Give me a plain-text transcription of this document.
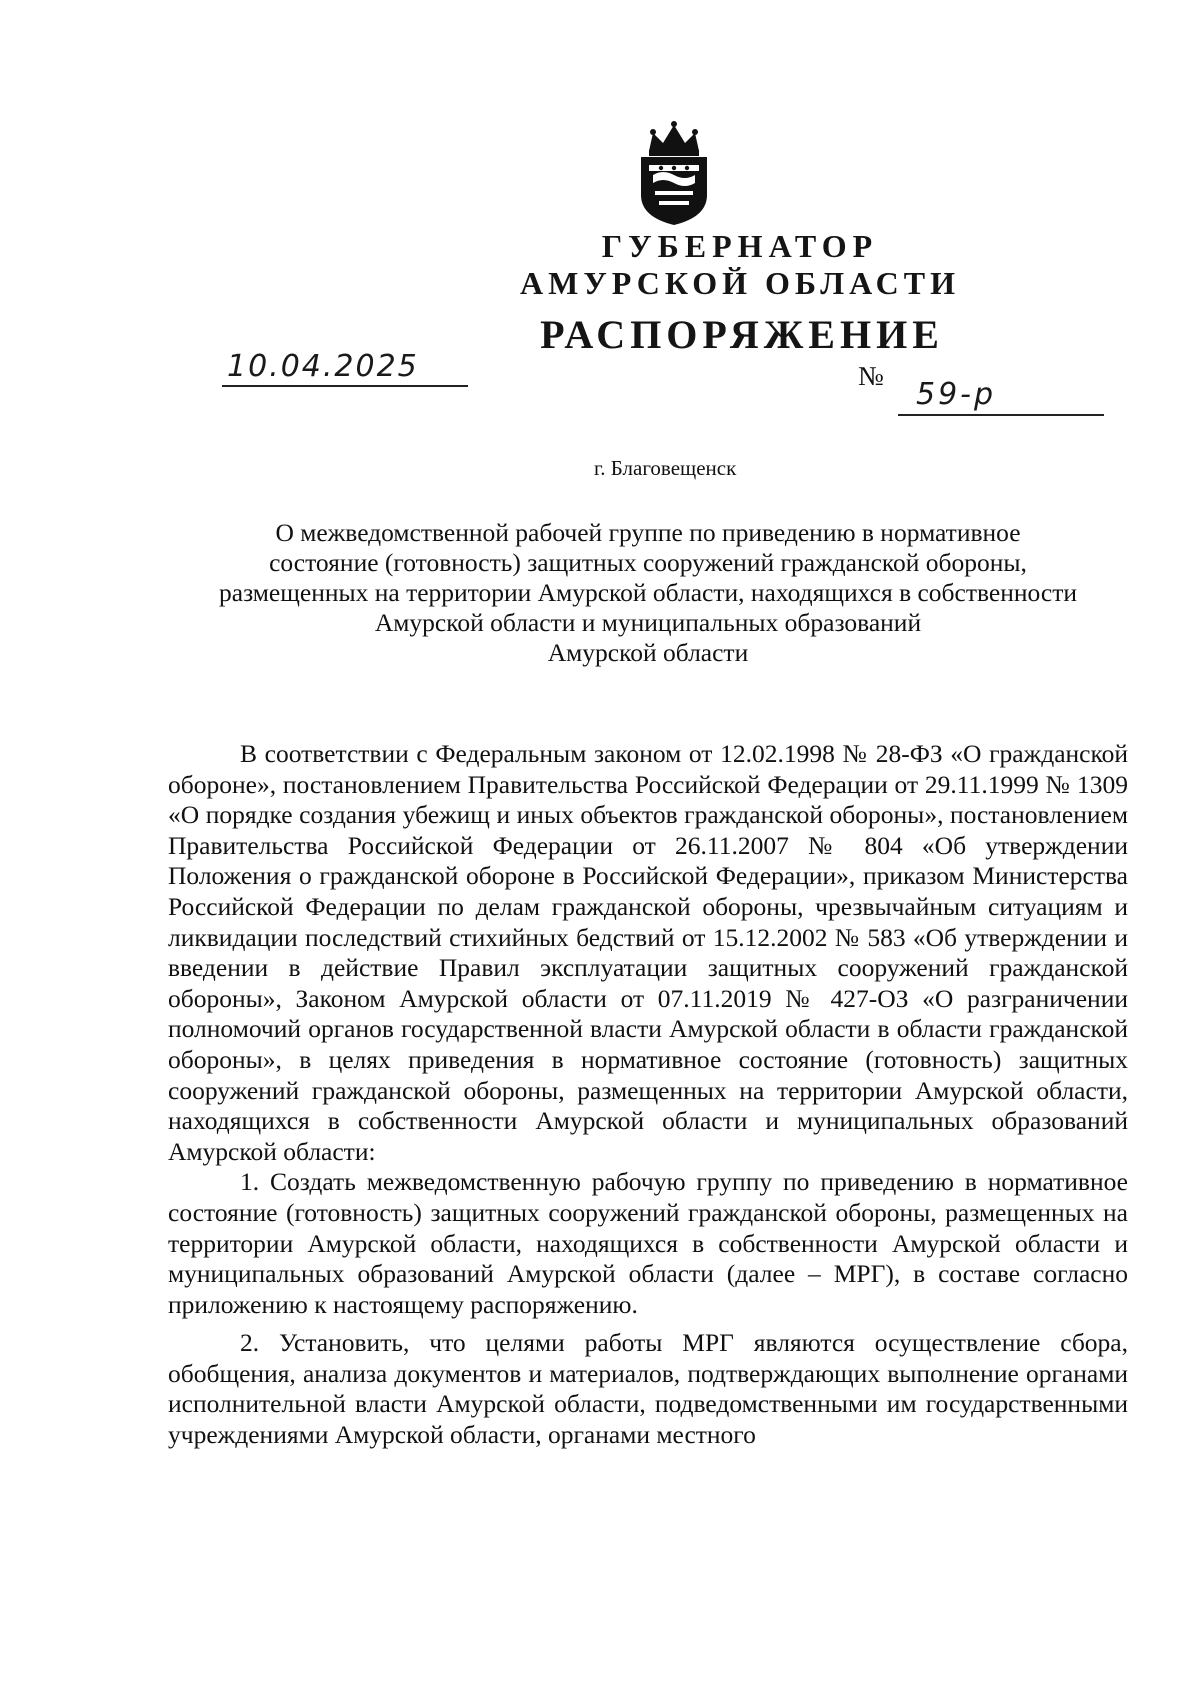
ГУБЕРНАТОР
АМУРСКОЙ ОБЛАСТИ
РАСПОРЯЖЕНИЕ
10.04.2025	№
59-р
г. Благовещенск
О межведомственной рабочей группе по приведению в нормативное
состояние (готовность) защитных сооружений гражданской обороны,
размещенных на территории Амурской области, находящихся в собственности
Амурской области и муниципальных образований
Амурской области

В соответствии с Федеральным законом от 12.02.1998 № 28-ФЗ «О гражданской обороне», постановлением Правительства Российской Федерации от 29.11.1999 № 1309 «О порядке создания убежищ и иных объектов гражданской обороны», постановлением Правительства Российской Федерации от 26.11.2007 № 804 «Об утверждении Положения о гражданской обороне в Российской Федерации», приказом Министерства Российской Федерации по делам гражданской обороны, чрезвычайным ситуациям и ликвидации последствий стихийных бедствий от 15.12.2002 № 583 «Об утверждении и введении в действие Правил эксплуатации защитных сооружений гражданской обороны», Законом Амурской области от 07.11.2019 № 427-ОЗ «О разграничении полномочий органов государственной власти Амурской области в области гражданской обороны», в целях приведения в нормативное состояние (готовность) защитных сооружений гражданской обороны, размещенных на территории Амурской области, находящихся в собственности Амурской области и муниципальных образований Амурской области:

1. Создать межведомственную рабочую группу по приведению в нормативное состояние (готовность) защитных сооружений гражданской обороны, размещенных на территории Амурской области, находящихся в собственности Амурской области и муниципальных образований Амурской области (далее – МРГ), в составе согласно приложению к настоящему распоряжению.

2. Установить, что целями работы МРГ являются осуществление сбора, обобщения, анализа документов и материалов, подтверждающих выполнение органами исполнительной власти Амурской области, подведомственными им государственными учреждениями Амурской области, органами местного
